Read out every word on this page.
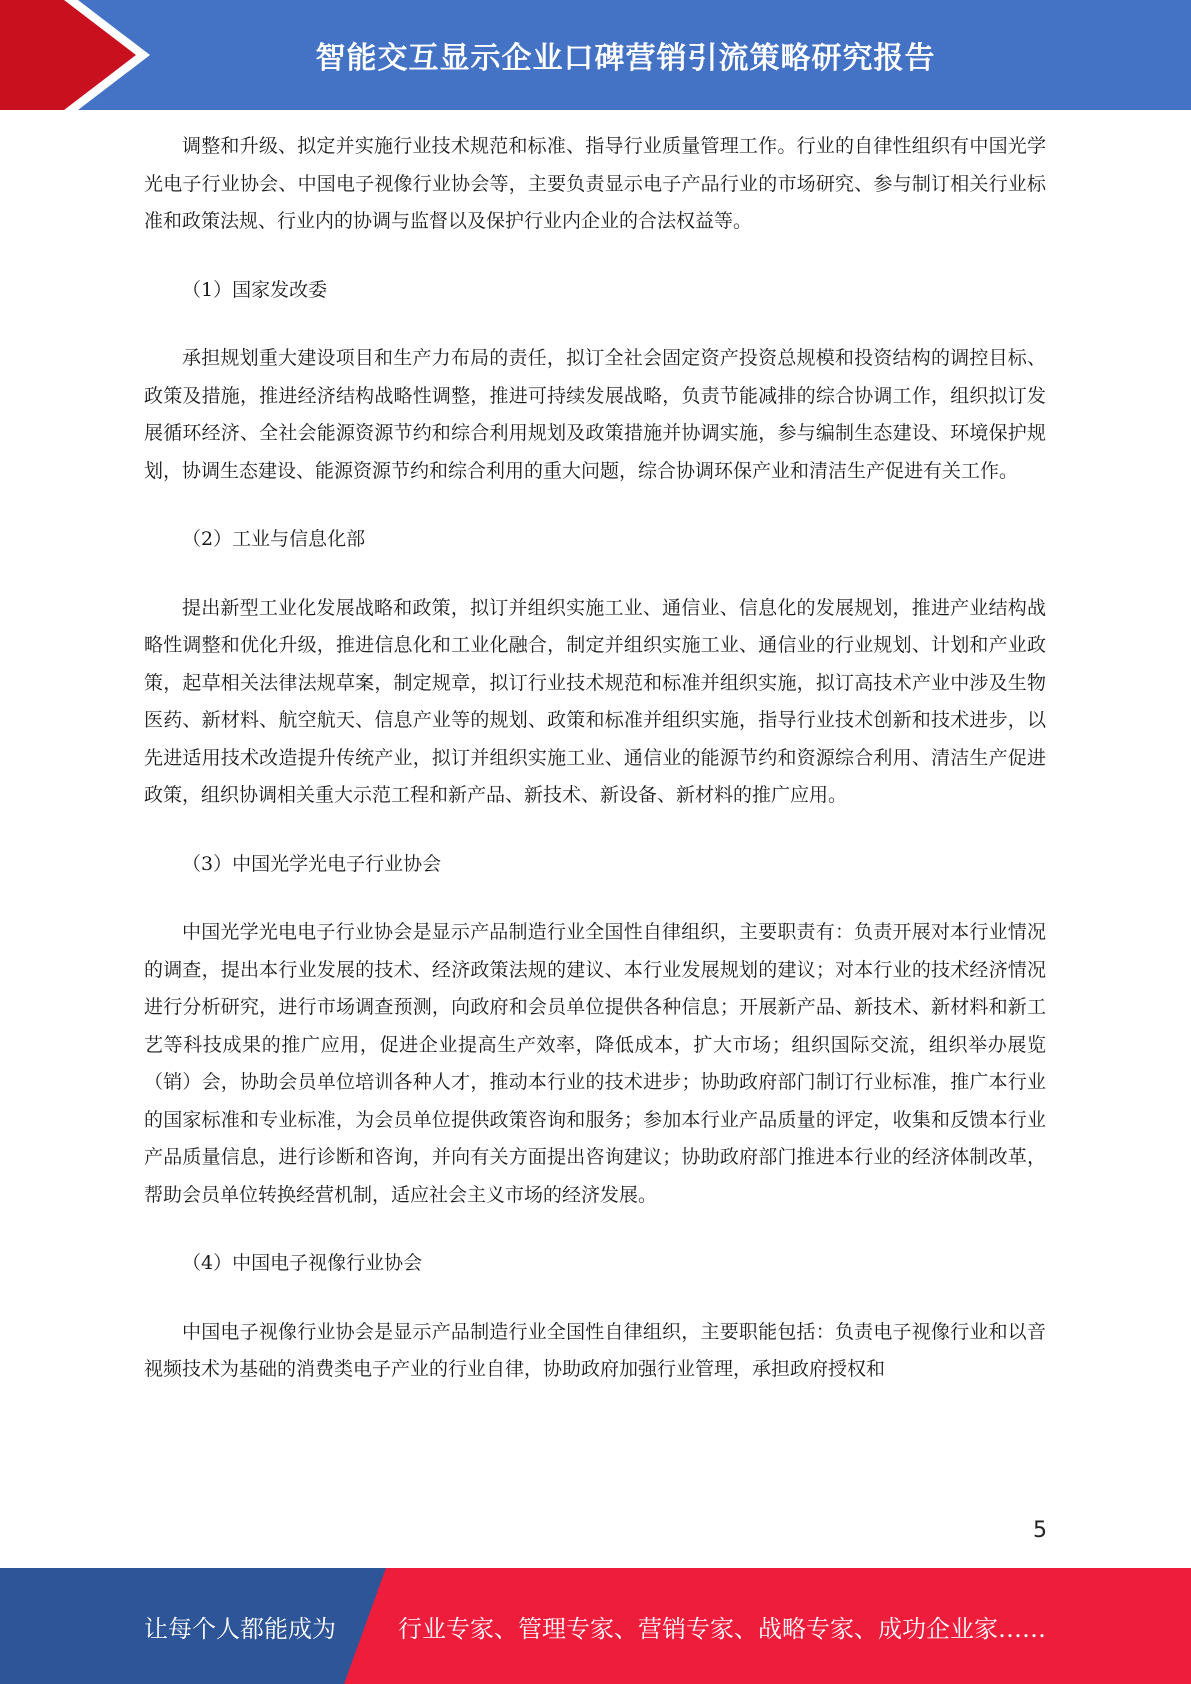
智能交互显示企业口碑营销引流策略研究报告

调整和升级、拟定并实施行业技术规范和标准、指导行业质量管理工作。行业的自律性组织有中国光学光电子行业协会、中国电子视像行业协会等，主要负责显示电子产品行业的市场研究、参与制订相关行业标准和政策法规、行业内的协调与监督以及保护行业内企业的合法权益等。

（1）国家发改委

承担规划重大建设项目和生产力布局的责任，拟订全社会固定资产投资总规模和投资结构的调控目标、政策及措施，推进经济结构战略性调整，推进可持续发展战略，负责节能减排的综合协调工作，组织拟订发展循环经济、全社会能源资源节约和综合利用规划及政策措施并协调实施，参与编制生态建设、环境保护规划，协调生态建设、能源资源节约和综合利用的重大问题，综合协调环保产业和清洁生产促进有关工作。

（2）工业与信息化部

提出新型工业化发展战略和政策，拟订并组织实施工业、通信业、信息化的发展规划，推进产业结构战略性调整和优化升级，推进信息化和工业化融合，制定并组织实施工业、通信业的行业规划、计划和产业政策，起草相关法律法规草案，制定规章，拟订行业技术规范和标准并组织实施，拟订高技术产业中涉及生物医药、新材料、航空航天、信息产业等的规划、政策和标准并组织实施，指导行业技术创新和技术进步，以先进适用技术改造提升传统产业，拟订并组织实施工业、通信业的能源节约和资源综合利用、清洁生产促进政策，组织协调相关重大示范工程和新产品、新技术、新设备、新材料的推广应用。

（3）中国光学光电子行业协会

中国光学光电电子行业协会是显示产品制造行业全国性自律组织，主要职责有：负责开展对本行业情况的调查，提出本行业发展的技术、经济政策法规的建议、本行业发展规划的建议；对本行业的技术经济情况进行分析研究，进行市场调查预测，向政府和会员单位提供各种信息；开展新产品、新技术、新材料和新工艺等科技成果的推广应用，促进企业提高生产效率，降低成本，扩大市场；组织国际交流，组织举办展览（销）会，协助会员单位培训各种人才，推动本行业的技术进步；协助政府部门制订行业标准，推广本行业的国家标准和专业标准，为会员单位提供政策咨询和服务；参加本行业产品质量的评定，收集和反馈本行业产品质量信息，进行诊断和咨询，并向有关方面提出咨询建议；协助政府部门推进本行业的经济体制改革，帮助会员单位转换经营机制，适应社会主义市场的经济发展。

（4）中国电子视像行业协会

中国电子视像行业协会是显示产品制造行业全国性自律组织，主要职能包括：负责电子视像行业和以音视频技术为基础的消费类电子产业的行业自律，协助政府加强行业管理，承担政府授权和

5
让每个人都能成为	行业专家、管理专家、营销专家、战略专家、成功企业家……
